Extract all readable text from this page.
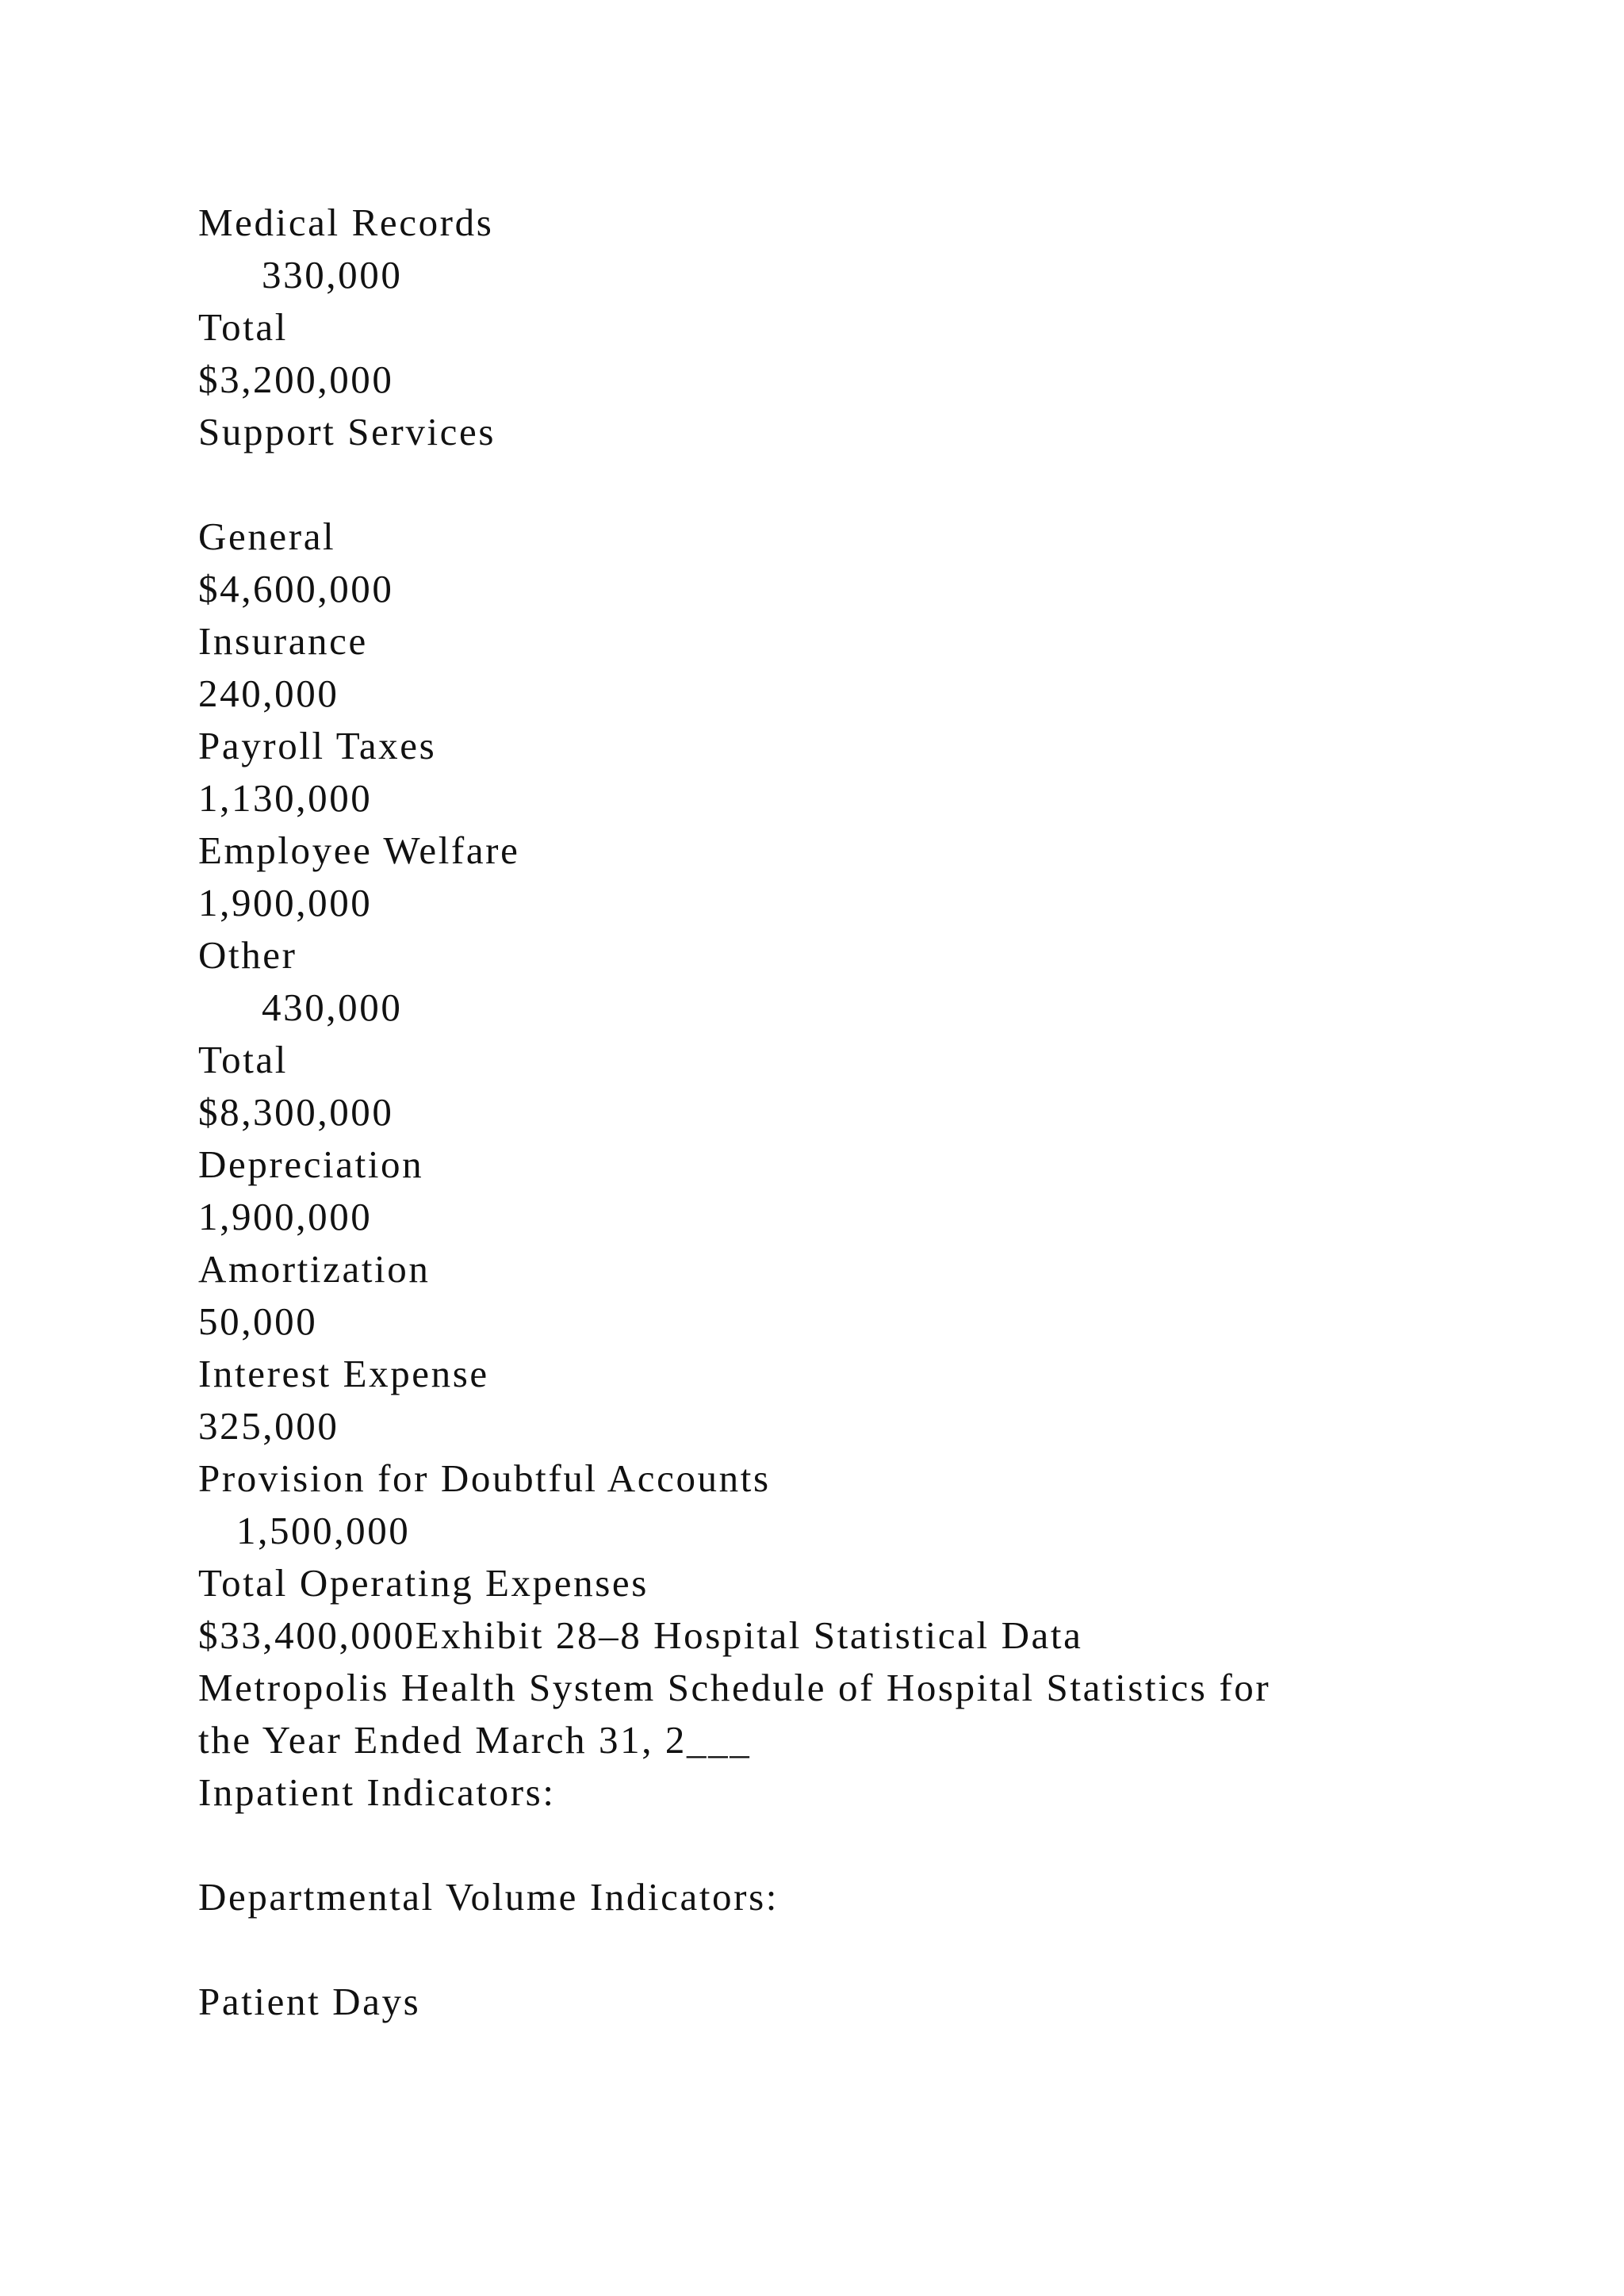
Medical Records
330,000
Total
$3,200,000
Support Services
General
$4,600,000
Insurance
240,000
Payroll Taxes
1,130,000
Employee Welfare
1,900,000
Other
430,000
Total
$8,300,000
Depreciation
1,900,000
Amortization
50,000
Interest Expense
325,000
Provision for Doubtful Accounts
1,500,000
Total Operating Expenses
$33,400,000Exhibit 28–8 Hospital Statistical Data
Metropolis Health System Schedule of Hospital Statistics for
the Year Ended March 31, 2___
Inpatient Indicators:
Departmental Volume Indicators:
Patient Days
